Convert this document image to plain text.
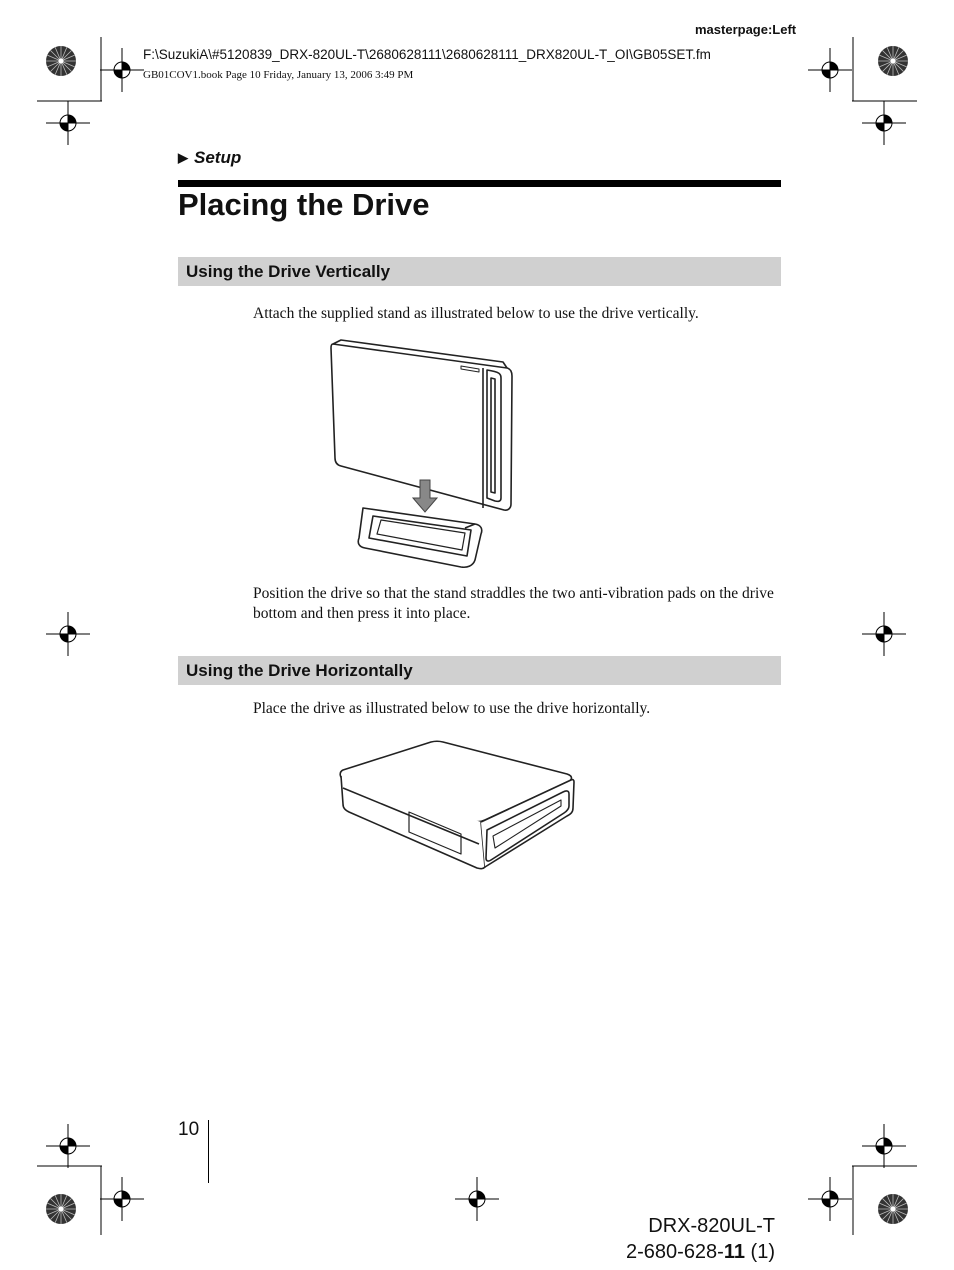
masterpage:Left
F:\SuzukiA\#5120839_DRX-820UL-T\2680628111\2680628111_DRX820UL-T_OI\GB05SET.fm
GB01COV1.book Page 10 Friday, January 13, 2006 3:49 PM
▶ Setup
Placing the Drive
Using the Drive Vertically
Attach the supplied stand as illustrated below to use the drive vertically.
Position the drive so that the stand straddles the two anti-vibration pads on the drive bottom and then press it into place.
Using the Drive Horizontally
Place the drive as illustrated below to use the drive horizontally.
10
DRX-820UL-T
2-680-628-11 (1)
